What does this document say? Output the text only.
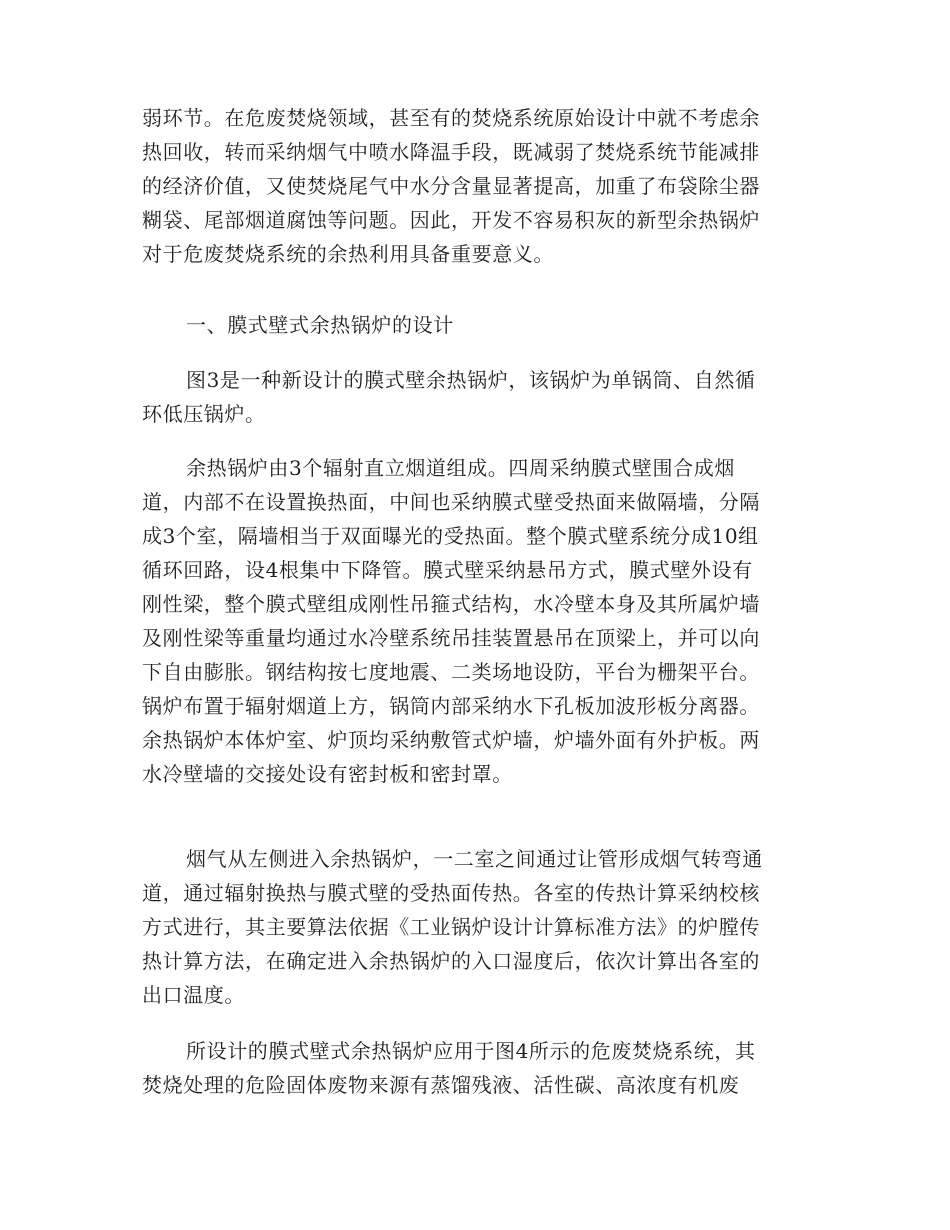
弱环节。在危废焚烧领域，甚至有的焚烧系统原始设计中就不考虑余
热回收，转而采纳烟气中喷水降温手段，既减弱了焚烧系统节能减排
的经济价值，又使焚烧尾气中水分含量显著提高，加重了布袋除尘器
糊袋、尾部烟道腐蚀等问题。因此，开发不容易积灰的新型余热锅炉
对于危废焚烧系统的余热利用具备重要意义。
一、膜式壁式余热锅炉的设计
图3是一种新设计的膜式壁余热锅炉，该锅炉为单锅筒、自然循
环低压锅炉。
余热锅炉由3个辐射直立烟道组成。四周采纳膜式壁围合成烟
道，内部不在设置换热面，中间也采纳膜式壁受热面来做隔墙，分隔
成3个室，隔墙相当于双面曝光的受热面。整个膜式壁系统分成10组
循环回路，设4根集中下降管。膜式壁采纳悬吊方式，膜式壁外设有
刚性梁，整个膜式壁组成刚性吊箍式结构，水冷壁本身及其所属炉墙
及刚性梁等重量均通过水冷壁系统吊挂装置悬吊在顶梁上，并可以向
下自由膨胀。钢结构按七度地震、二类场地设防，平台为栅架平台。
锅炉布置于辐射烟道上方，锅筒内部采纳水下孔板加波形板分离器。
余热锅炉本体炉室、炉顶均采纳敷管式炉墙，炉墙外面有外护板。两
水冷壁墙的交接处设有密封板和密封罩。
烟气从左侧进入余热锅炉，一二室之间通过让管形成烟气转弯通
道，通过辐射换热与膜式壁的受热面传热。各室的传热计算采纳校核
方式进行，其主要算法依据《工业锅炉设计计算标准方法》的炉膛传
热计算方法，在确定进入余热锅炉的入口湿度后，依次计算出各室的
出口温度。
所设计的膜式壁式余热锅炉应用于图4所示的危废焚烧系统，其
焚烧处理的危险固体废物来源有蒸馏残液、活性碳、高浓度有机废
